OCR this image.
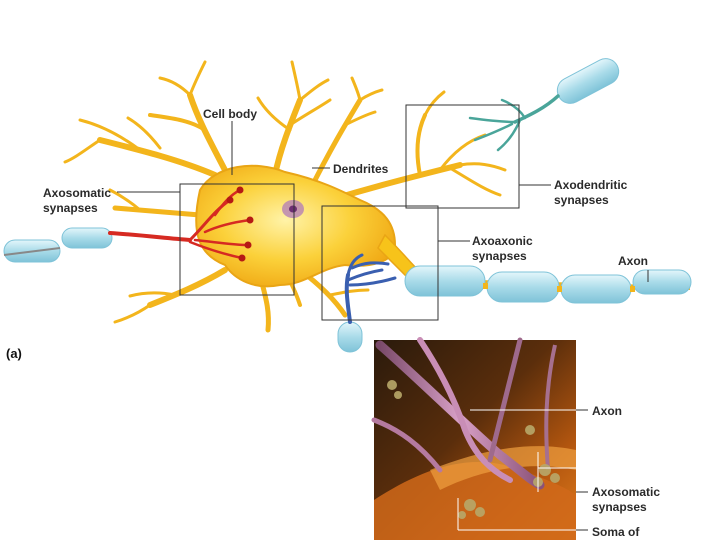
Cell body
Dendrites
Axosomatic
synapses
Axodendritic
synapses
Axoaxonic
synapses	Axon
(a)
Axon
Axosomatic
synapses
Soma of
